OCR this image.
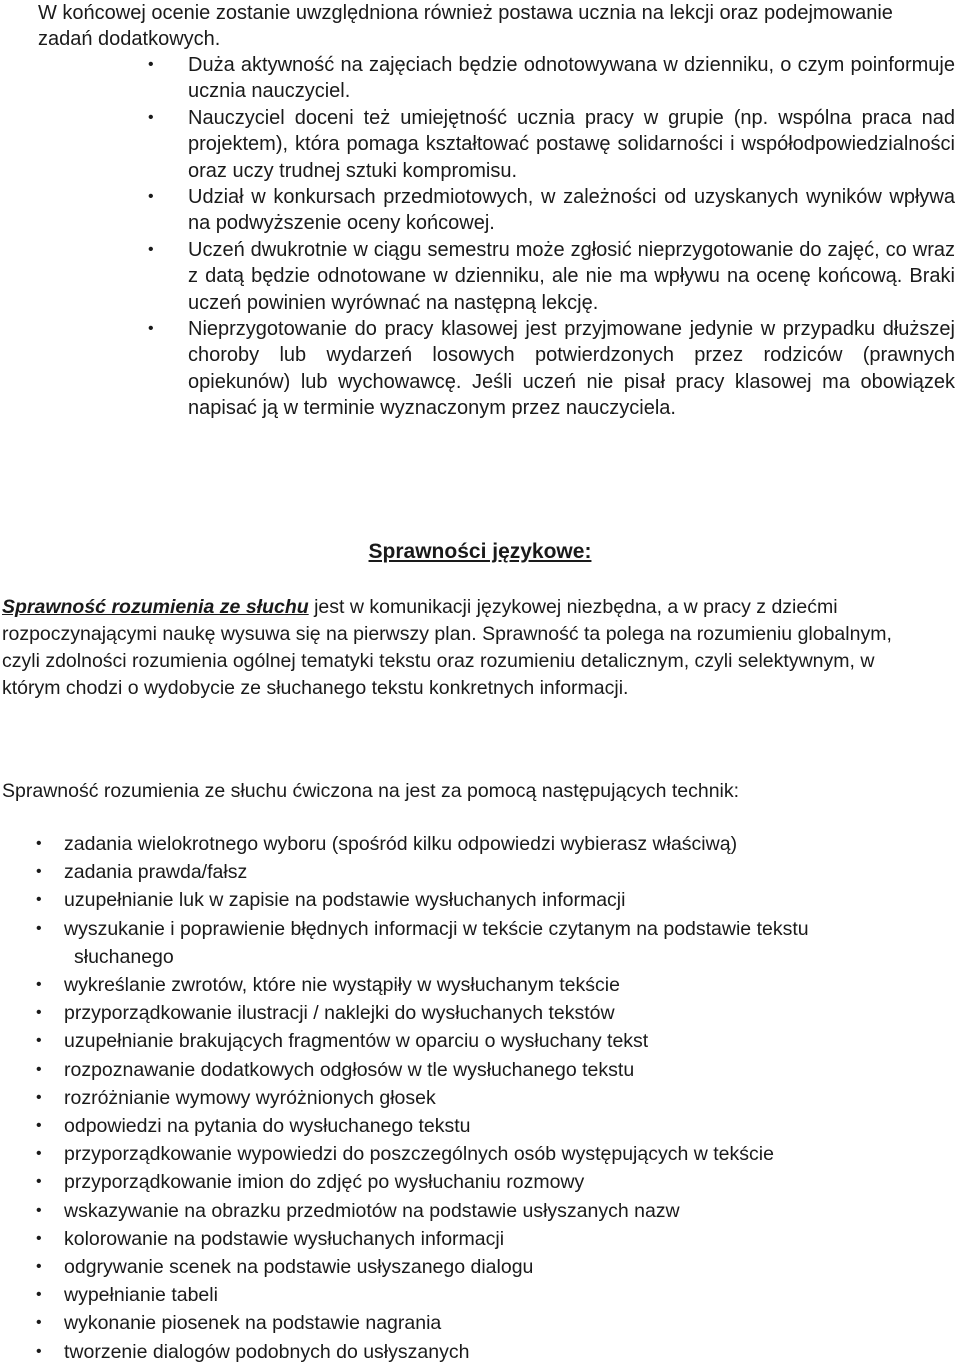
W końcowej ocenie zostanie uwzględniona również postawa ucznia na lekcji oraz podejmowanie zadań dodatkowych.

• Duża aktywność na zajęciach będzie odnotowywana w dzienniku, o czym poinformuje ucznia nauczyciel.
• Nauczyciel doceni też umiejętność ucznia pracy w grupie (np. wspólna praca nad projektem), która pomaga kształtować postawę solidarności i współodpowiedzialności oraz uczy trudnej sztuki kompromisu.
• Udział w konkursach przedmiotowych, w zależności od uzyskanych wyników wpływa na podwyższenie oceny końcowej.
• Uczeń dwukrotnie w ciągu semestru może zgłosić nieprzygotowanie do zajęć, co wraz z datą będzie odnotowane w dzienniku, ale nie ma wpływu na ocenę końcową. Braki uczeń powinien wyrównać na następną lekcję.
• Nieprzygotowanie do pracy klasowej jest przyjmowane jedynie w przypadku dłuższej choroby lub wydarzeń losowych potwierdzonych przez rodziców (prawnych opiekunów) lub wychowawcę. Jeśli uczeń nie pisał pracy klasowej ma obowiązek napisać ją w terminie wyznaczonym przez nauczyciela.
Sprawności językowe:

Sprawność rozumienia ze słuchu jest w komunikacji językowej niezbędna, a w pracy z dziećmi rozpoczynającymi naukę wysuwa się na pierwszy plan. Sprawność ta polega na rozumieniu globalnym, czyli zdolności rozumienia ogólnej tematyki tekstu oraz rozumieniu detalicznym, czyli selektywnym, w którym chodzi o wydobycie ze słuchanego tekstu konkretnych informacji.

Sprawność rozumienia ze słuchu ćwiczona na jest za pomocą następujących technik:

• zadania wielokrotnego wyboru (spośród kilku odpowiedzi wybierasz właściwą)
• zadania prawda/fałsz
• uzupełnianie luk w zapisie na podstawie wysłuchanych informacji
• wyszukanie i poprawienie błędnych informacji w tekście czytanym na podstawie tekstu
słuchanego
• wykreślanie zwrotów, które nie wystąpiły w wysłuchanym tekście
• przyporządkowanie ilustracji / naklejki do wysłuchanych tekstów
• uzupełnianie brakujących fragmentów w oparciu o wysłuchany tekst
• rozpoznawanie dodatkowych odgłosów w tle wysłuchanego tekstu
• rozróżnianie wymowy wyróżnionych głosek
• odpowiedzi na pytania do wysłuchanego tekstu
• przyporządkowanie wypowiedzi do poszczególnych osób występujących w tekście
• przyporządkowanie imion do zdjęć po wysłuchaniu rozmowy
• wskazywanie na obrazku przedmiotów na podstawie usłyszanych nazw
• kolorowanie na podstawie wysłuchanych informacji
• odgrywanie scenek na podstawie usłyszanego dialogu
• wypełnianie tabeli
• wykonanie piosenek na podstawie nagrania
• tworzenie dialogów podobnych do usłyszanych
